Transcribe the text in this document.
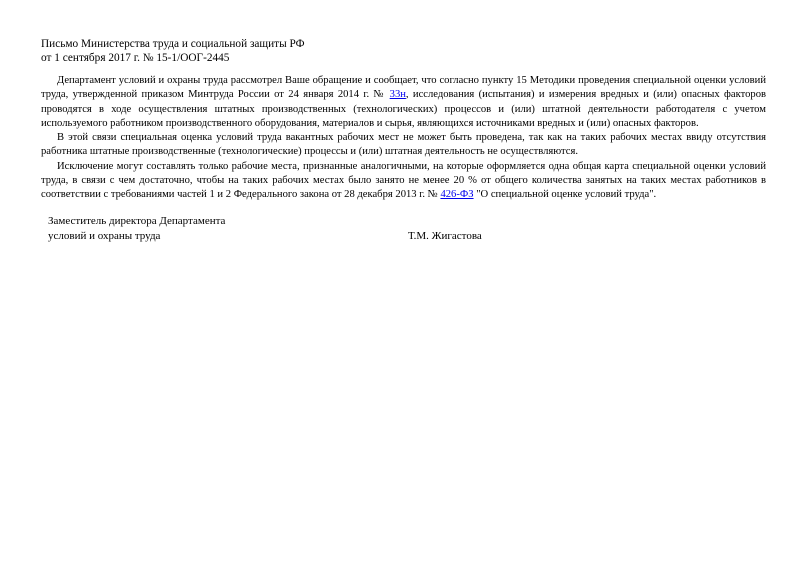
Письмо Министерства труда и социальной защиты РФ
от 1 сентября 2017 г. № 15-1/ООГ-2445

Департамент условий и охраны труда рассмотрел Ваше обращение и сообщает, что согласно пункту 15 Методики проведения специальной оценки условий труда, утвержденной приказом Минтруда России от 24 января 2014 г. № 33н, исследования (испытания) и измерения вредных и (или) опасных факторов проводятся в ходе осуществления штатных производственных (технологических) процессов и (или) штатной деятельности работодателя с учетом используемого работником производственного оборудования, материалов и сырья, являющихся источниками вредных и (или) опасных факторов.

В этой связи специальная оценка условий труда вакантных рабочих мест не может быть проведена, так как на таких рабочих местах ввиду отсутствия работника штатные производственные (технологические) процессы и (или) штатная деятельность не осуществляются.

Исключение могут составлять только рабочие места, признанные аналогичными, на которые оформляется одна общая карта специальной оценки условий труда, в связи с чем достаточно, чтобы на таких рабочих местах было занято не менее 20 % от общего количества занятых на таких местах работников в соответствии с требованиями частей 1 и 2 Федерального закона от 28 декабря 2013 г. № 426-ФЗ "О специальной оценке условий труда".

Заместитель директора Департамента
условий и охраны труда	Т.М. Жигастова
